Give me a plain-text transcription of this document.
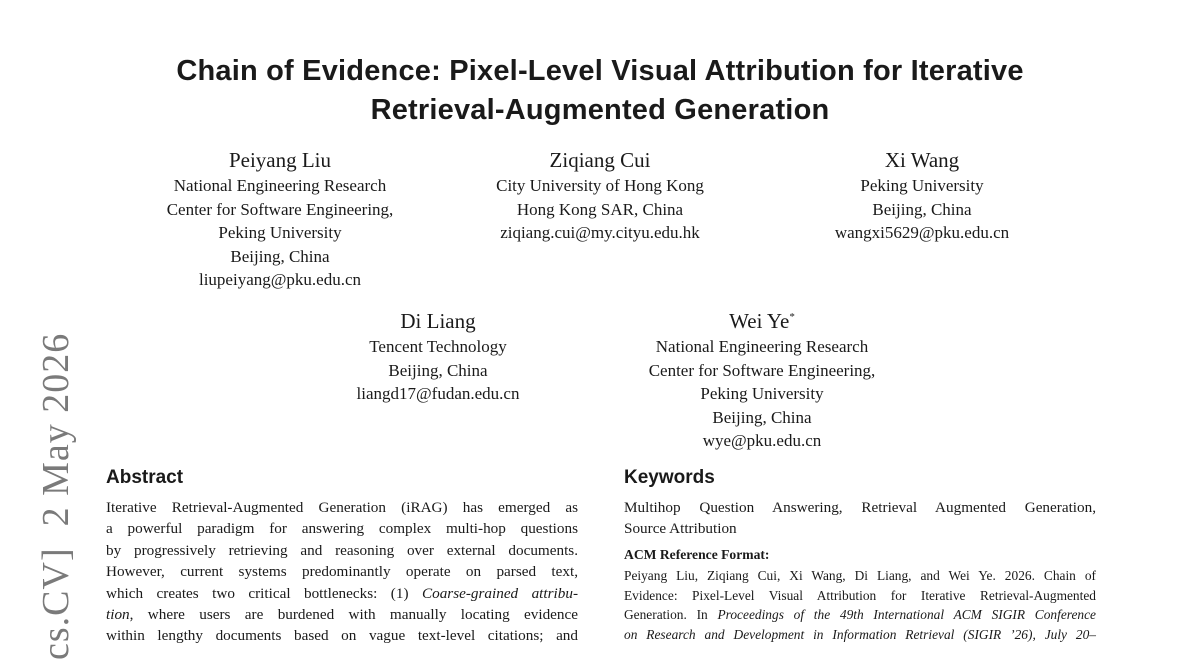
Chain of Evidence: Pixel-Level Visual Attribution for Iterative
Retrieval-Augmented Generation
Peiyang Liu
National Engineering Research
Center for Software Engineering,
Peking University
Beijing, China
liupeiyang@pku.edu.cn
Ziqiang Cui
City University of Hong Kong
Hong Kong SAR, China
ziqiang.cui@my.cityu.edu.hk
Xi Wang
Peking University
Beijing, China
wangxi5629@pku.edu.cn
Di Liang
Tencent Technology
Beijing, China
liangd17@fudan.edu.cn
Wei Ye*
National Engineering Research
Center for Software Engineering,
Peking University
Beijing, China
wye@pku.edu.cn
cs.CV]  2 May 2026 Abstract
Iterative Retrieval-Augmented Generation (iRAG) has emerged as
a powerful paradigm for answering complex multi-hop questions
by progressively retrieving and reasoning over external documents.
However, current systems predominantly operate on parsed text,
which creates two critical bottlenecks: (1) Coarse-grained attribu-
tion, where users are burdened with manually locating evidence
within lengthy documents based on vague text-level citations; and
Keywords
Multihop Question Answering, Retrieval Augmented Generation,
Source Attribution
ACM Reference Format:
Peiyang Liu, Ziqiang Cui, Xi Wang, Di Liang, and Wei Ye. 2026. Chain of
Evidence: Pixel-Level Visual Attribution for Iterative Retrieval-Augmented
Generation. In Proceedings of the 49th International ACM SIGIR Conference
on Research and Development in Information Retrieval (SIGIR ’26), July 20–
